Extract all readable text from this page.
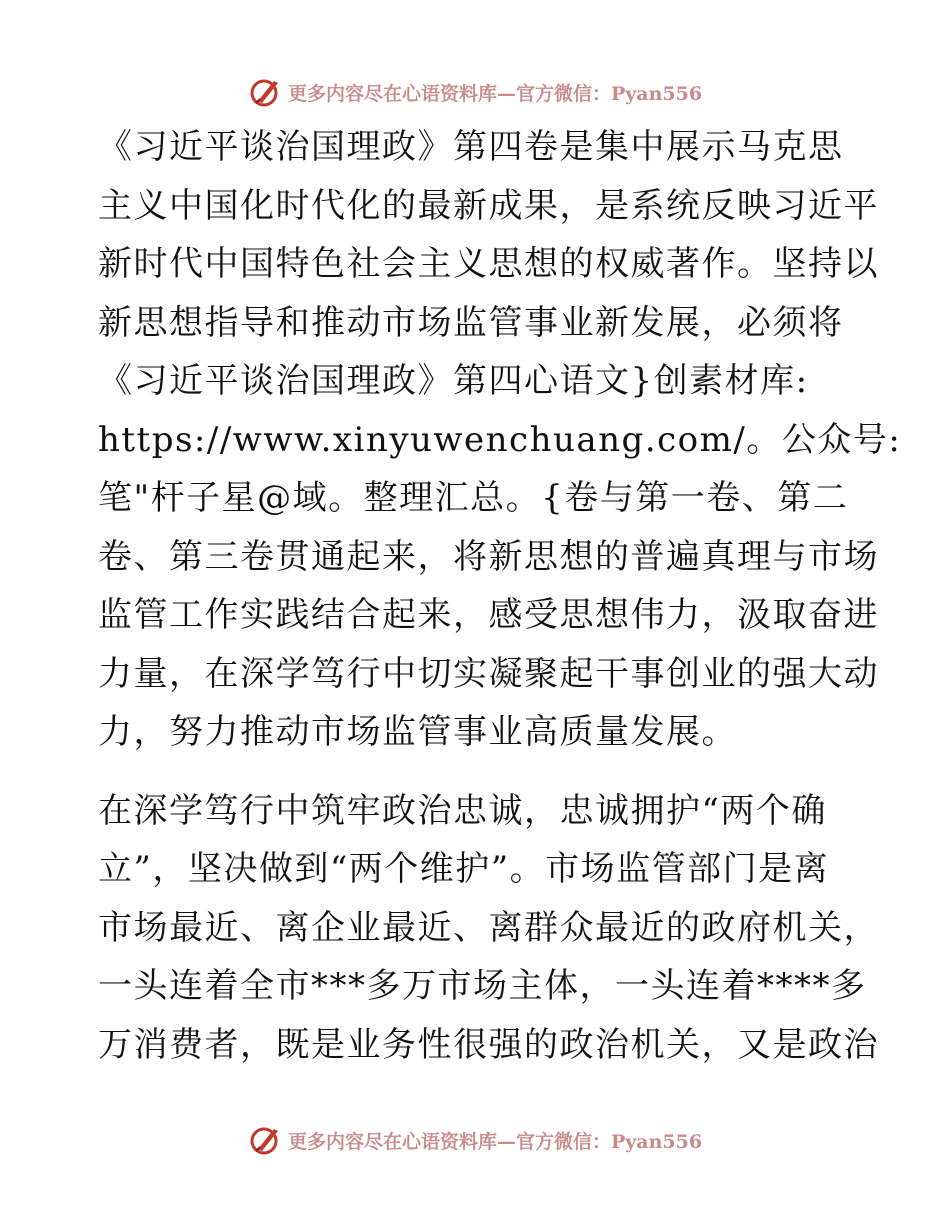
更多内容尽在心语资料库—官方微信：Pyan556
《习近平谈治国理政》第四卷是集中展示马克思
主义中国化时代化的最新成果，是系统反映习近平
新时代中国特色社会主义思想的权威著作。坚持以
新思想指导和推动市场监管事业新发展，必须将
《习近平谈治国理政》第四心语文}创素材库:
https://www.xinyuwenchuang.com/。公众号:
笔"杆子星@域。整理汇总。{卷与第一卷、第二
卷、第三卷贯通起来，将新思想的普遍真理与市场
监管工作实践结合起来，感受思想伟力，汲取奋进
力量，在深学笃行中切实凝聚起干事创业的强大动
力，努力推动市场监管事业高质量发展。
在深学笃行中筑牢政治忠诚，忠诚拥护“两个确
立”，坚决做到“两个维护”。市场监管部门是离
市场最近、离企业最近、离群众最近的政府机关，
一头连着全市***多万市场主体，一头连着****多
万消费者，既是业务性很强的政治机关，又是政治
更多内容尽在心语资料库—官方微信：Pyan556
